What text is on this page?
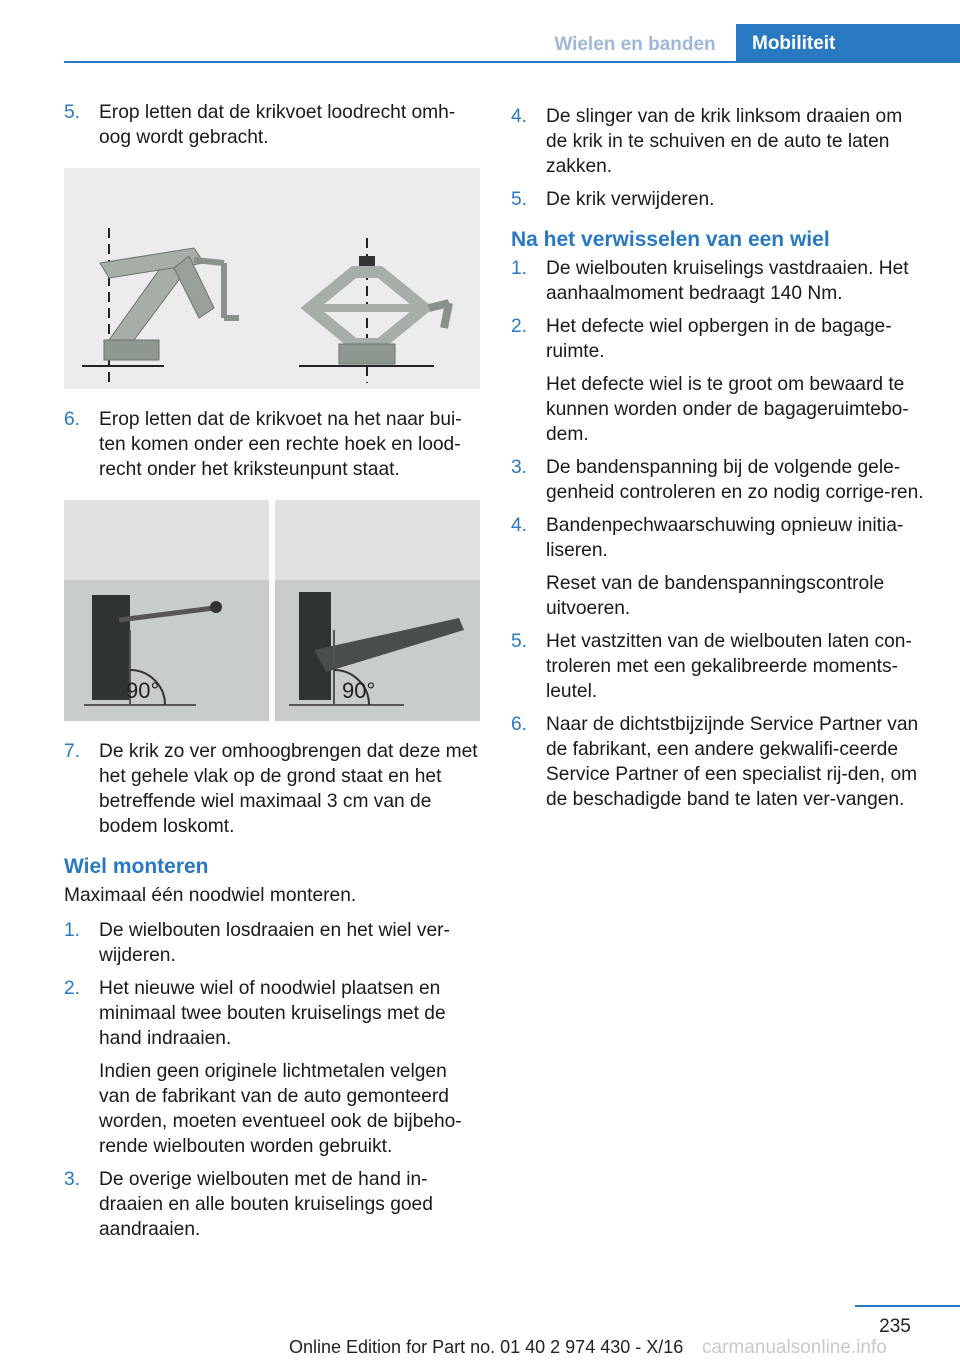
Wielen en banden	Mobiliteit
5. Erop letten dat de krikvoet loodrecht omh‐oog wordt gebracht.

6. Erop letten dat de krikvoet na het naar bui‐ten komen onder een rechte hoek en lood‐recht onder het kriksteunpunt staat.

90°	90°
7. De krik zo ver omhoogbrengen dat deze met het gehele vlak op de grond staat en het betreffende wiel maximaal 3 cm van de bodem loskomt.

Wiel monteren
Maximaal één noodwiel monteren.
1. De wielbouten losdraaien en het wiel ver‐wijderen.

2. Het nieuwe wiel of noodwiel plaatsen en minimaal twee bouten kruiselings met de hand indraaien.

Indien geen originele lichtmetalen velgen van de fabrikant van de auto gemonteerd worden, moeten eventueel ook de bijbeho‐rende wielbouten worden gebruikt.

3. De overige wielbouten met de hand in‐draaien en alle bouten kruiselings goed aandraaien.

4. De slinger van de krik linksom draaien om de krik in te schuiven en de auto te laten zakken.

5. De krik verwijderen.

Na het verwisselen van een wiel
1. De wielbouten kruiselings vastdraaien. Het aanhaalmoment bedraagt 140 Nm.

2. Het defecte wiel opbergen in de bagage‐ruimte.

Het defecte wiel is te groot om bewaard te kunnen worden onder de bagageruimtebo‐dem.

3. De bandenspanning bij de volgende gele‐genheid controleren en zo nodig corrige‐ren.

4. Bandenpechwaarschuwing opnieuw initia‐liseren.

Reset van de bandenspanningscontrole uitvoeren.

5. Het vastzitten van de wielbouten laten con‐troleren met een gekalibreerde moments‐leutel.

6. Naar de dichtstbijzijnde Service Partner van de fabrikant, een andere gekwalifi‐ceerde Service Partner of een specialist rij‐den, om de beschadigde band te laten ver‐vangen.

235
Online Edition for Part no. 01 40 2 974 430 - X/16 carmanualsonline.info
